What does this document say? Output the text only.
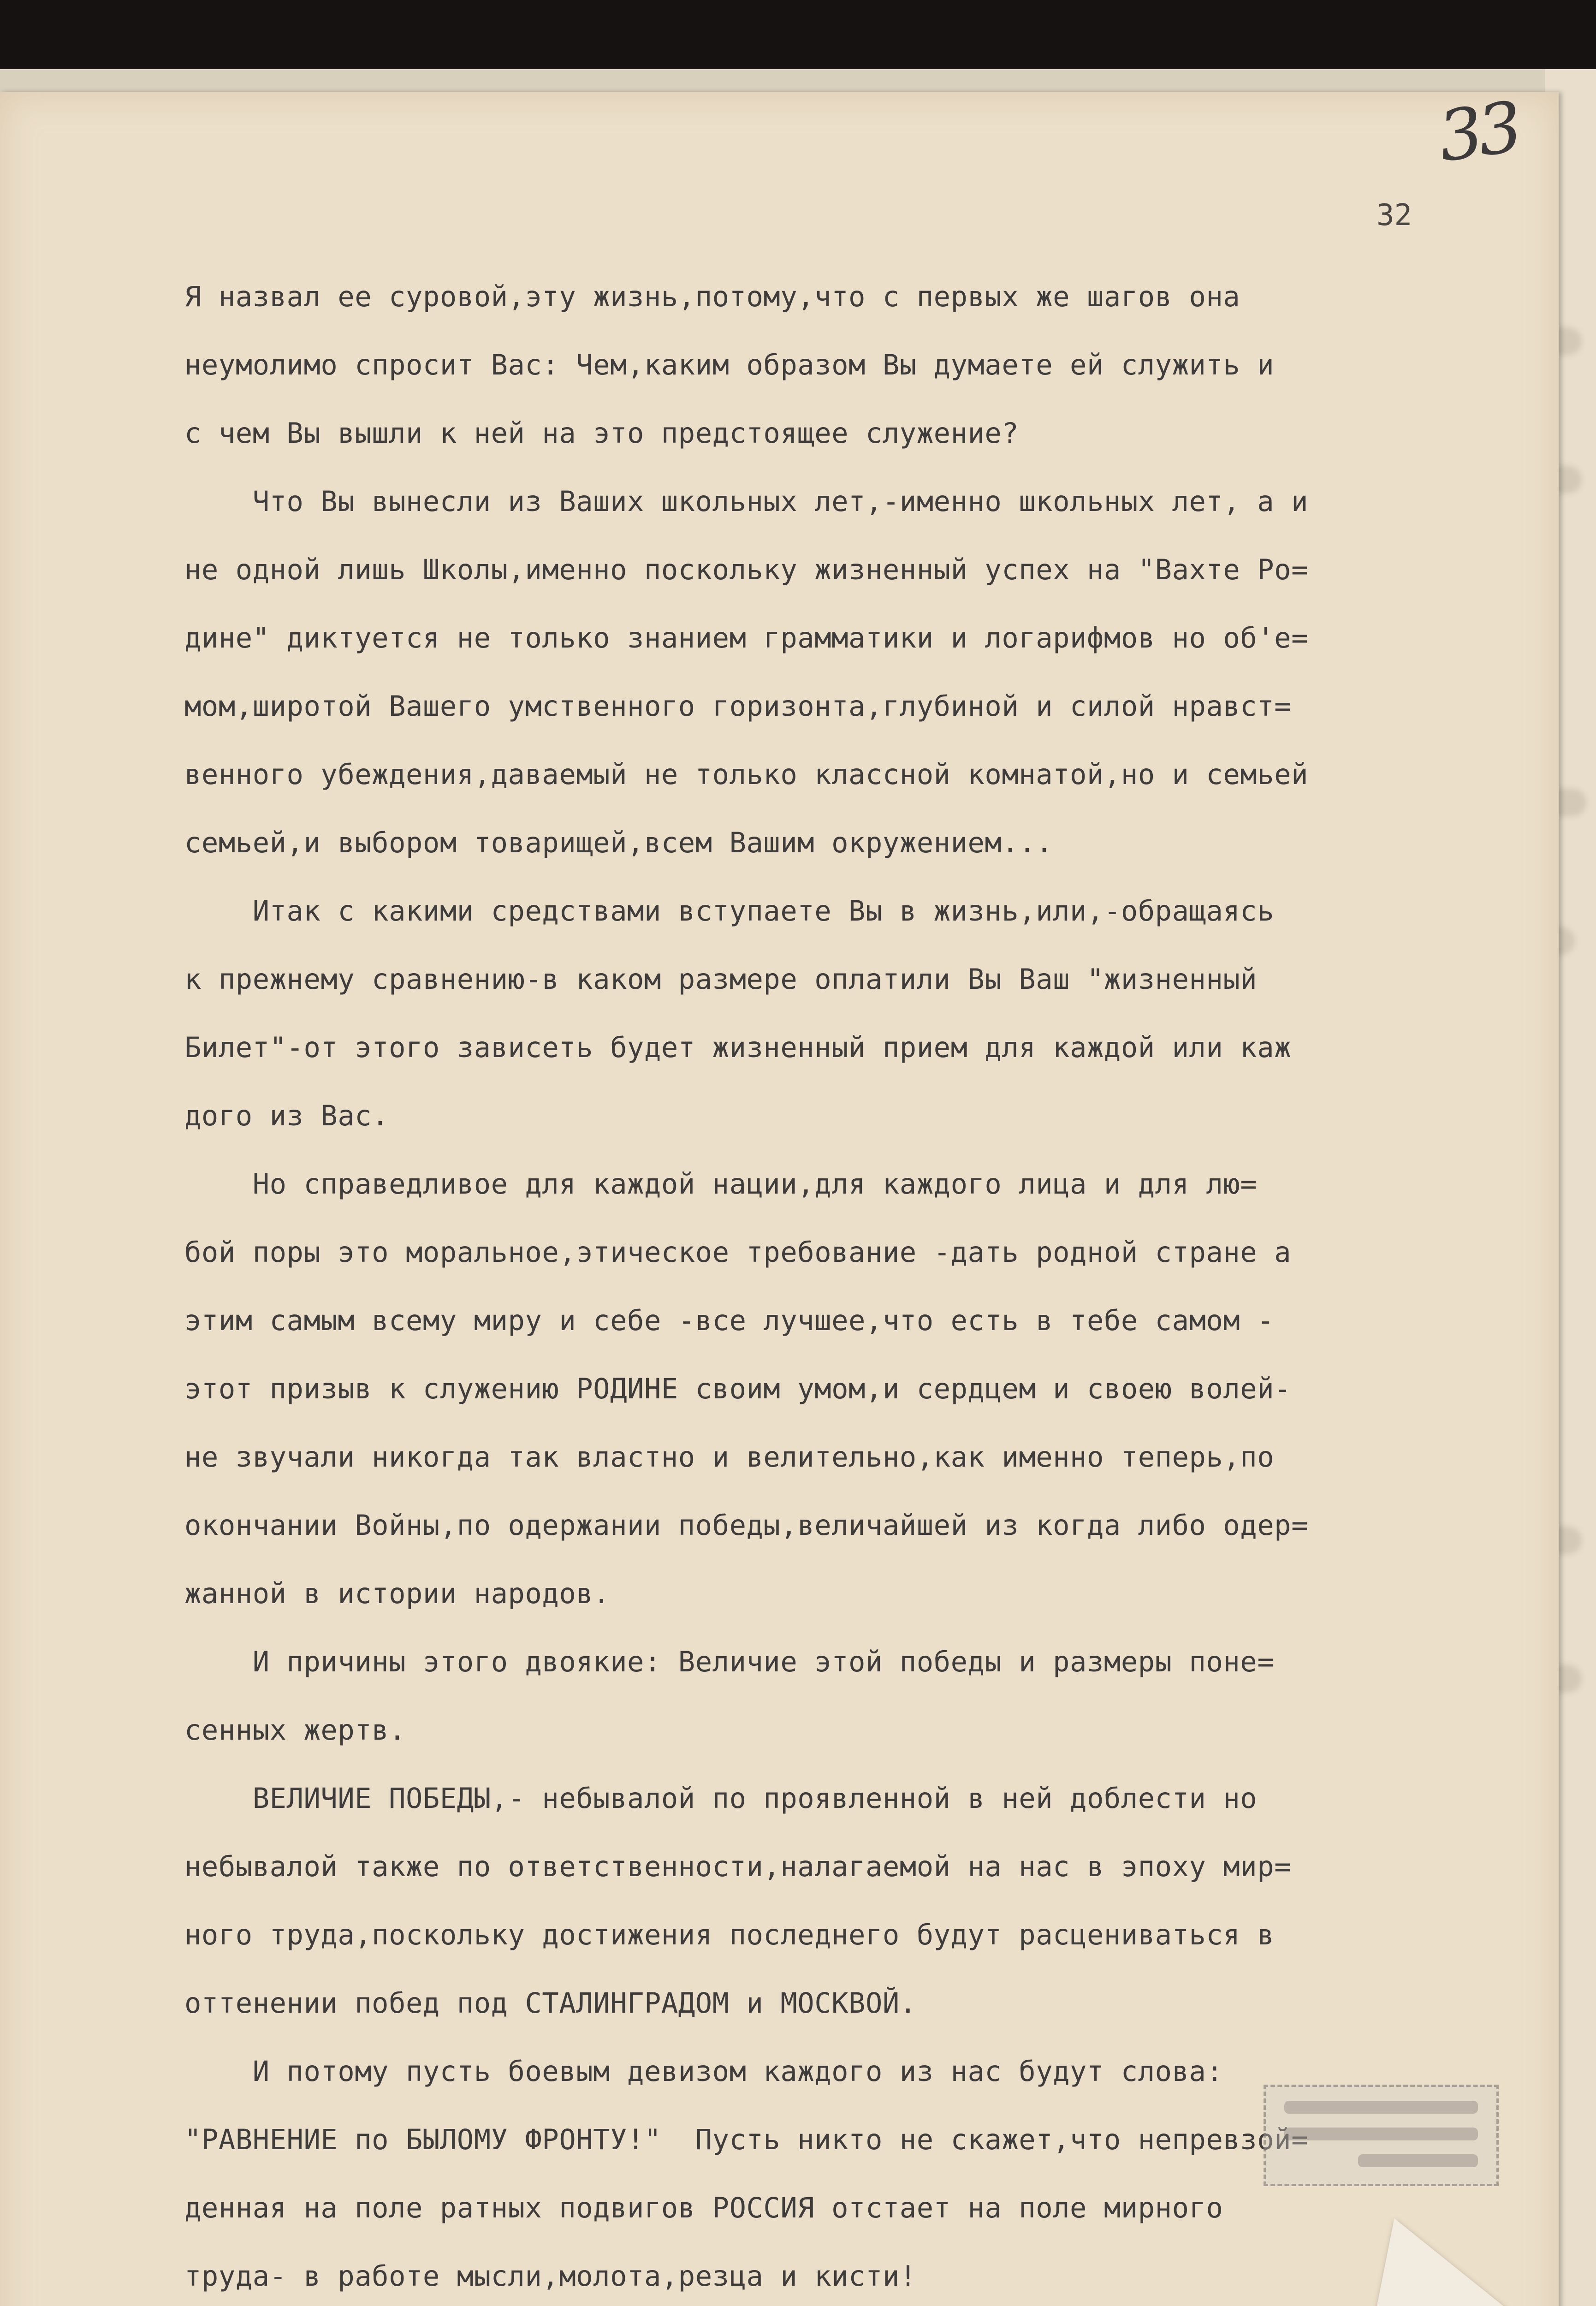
33
32
Я назвал ее суровой,эту жизнь,потому,что с первых же шагов она
неумолимо спросит Вас: Чем,каким образом Вы думаете ей служить и
с чем Вы вышли к ней на это предстоящее служение?
Что Вы вынесли из Ваших школьных лет,-именно школьных лет, а и
не одной лишь Школы,именно поскольку жизненный успех на "Вахте Ро=
дине" диктуется не только знанием грамматики и логарифмов но об'е=
мом,широтой Вашего умственного горизонта,глубиной и силой нравст=
венного убеждения,даваемый не только классной комнатой,но и семьей
семьей,и выбором товарищей,всем Вашим окружением...
Итак с какими средствами вступаете Вы в жизнь,или,-обращаясь
к прежнему сравнению-в каком размере оплатили Вы Ваш "жизненный
Билет"-от этого зависеть будет жизненный прием для каждой или каж
дого из Вас.
Но справедливое для каждой нации,для каждого лица и для лю=
бой поры это моральное,этическое требование -дать родной стране а
этим самым всему миру и себе -все лучшее,что есть в тебе самом -
этот призыв к служению РОДИНЕ своим умом,и сердцем и своею волей-
не звучали никогда так властно и велительно,как именно теперь,по
окончании Войны,по одержании победы,величайшей из когда либо одер=
жанной в истории народов.
И причины этого двоякие: Величие этой победы и размеры поне=
сенных жертв.
ВЕЛИЧИЕ ПОБЕДЫ,- небывалой по проявленной в ней доблести но
небывалой также по ответственности,налагаемой на нас в эпоху мир=
ного труда,поскольку достижения последнего будут расцениваться в
оттенении побед под СТАЛИНГРАДОМ и МОСКВОЙ.
И потому пусть боевым девизом каждого из нас будут слова:
"РАВНЕНИЕ по БЫЛОМУ ФРОНТУ!"  Пусть никто не скажет,что непревзой=
денная на поле ратных подвигов РОССИЯ отстает на поле мирного
труда- в работе мысли,молота,резца и кисти!
